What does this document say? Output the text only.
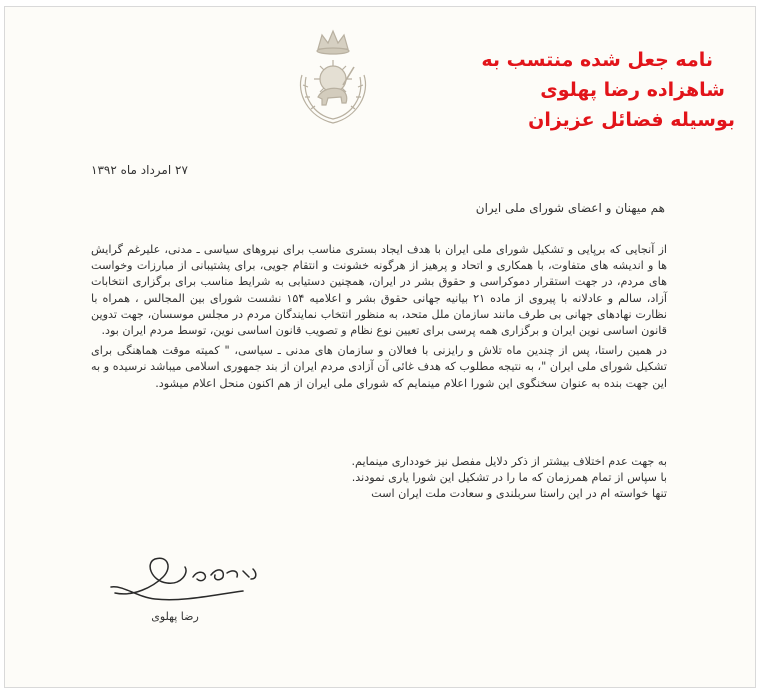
نامه جعل شده منتسب به
شاهزاده رضا پهلوی
بوسیله فضائل عزیزان
۲۷ امرداد ماه ۱۳۹۲
هم میهنان و اعضای شورای ملی ایران

از آنجایی که برپایی و تشکیل شورای ملی ایران با هدف ایجاد بستری مناسب برای نیروهای سیاسی ـ مدنی، علیرغم گرایش ها و اندیشه های متفاوت، با همکاری و اتحاد و پرهیز از هرگونه خشونت و انتقام جویی، برای پشتیبانی از مبارزات وخواست های مردم، در جهت استقرار دموکراسی و حقوق بشر در ایران، همچنین دستیابی به شرایط مناسب برای برگزاری انتخابات آزاد، سالم و عادلانه با پیروی از ماده ۲۱ بیانیه جهانی حقوق بشر و اعلامیه ۱۵۴ نشست شورای بین المجالس ، همراه با نظارت نهادهای جهانی بی طرف مانند سازمان ملل متحد، به منظور انتخاب نمایندگان مردم در مجلس موسسان، جهت تدوین قانون اساسی نوین ایران و برگزاری همه پرسی برای تعیین نوع نظام و تصویب قانون اساسی نوین، توسط مردم ایران بود.

در همین راستا، پس از چندین ماه تلاش و رایزنی با فعالان و سازمان های مدنی ـ سیاسی، " کمیته موقت هماهنگی برای تشکیل شورای ملی ایران "، به نتیجه مطلوب که هدف غائی آن آزادی مردم ایران از بند جمهوری اسلامی میباشد نرسیده و به این جهت بنده به عنوان سخنگوی این شورا اعلام مینمایم که شورای ملی ایران از هم اکنون منحل اعلام میشود.

به جهت عدم اختلاف بیشتر از ذکر دلایل مفصل نیز خودداری مینمایم.

با سپاس از تمام همرزمان که ما را در تشکیل این شورا یاری نمودند.

تنها خواسته ام در این راستا سربلندی و سعادت ملت ایران است

رضا پهلوی
